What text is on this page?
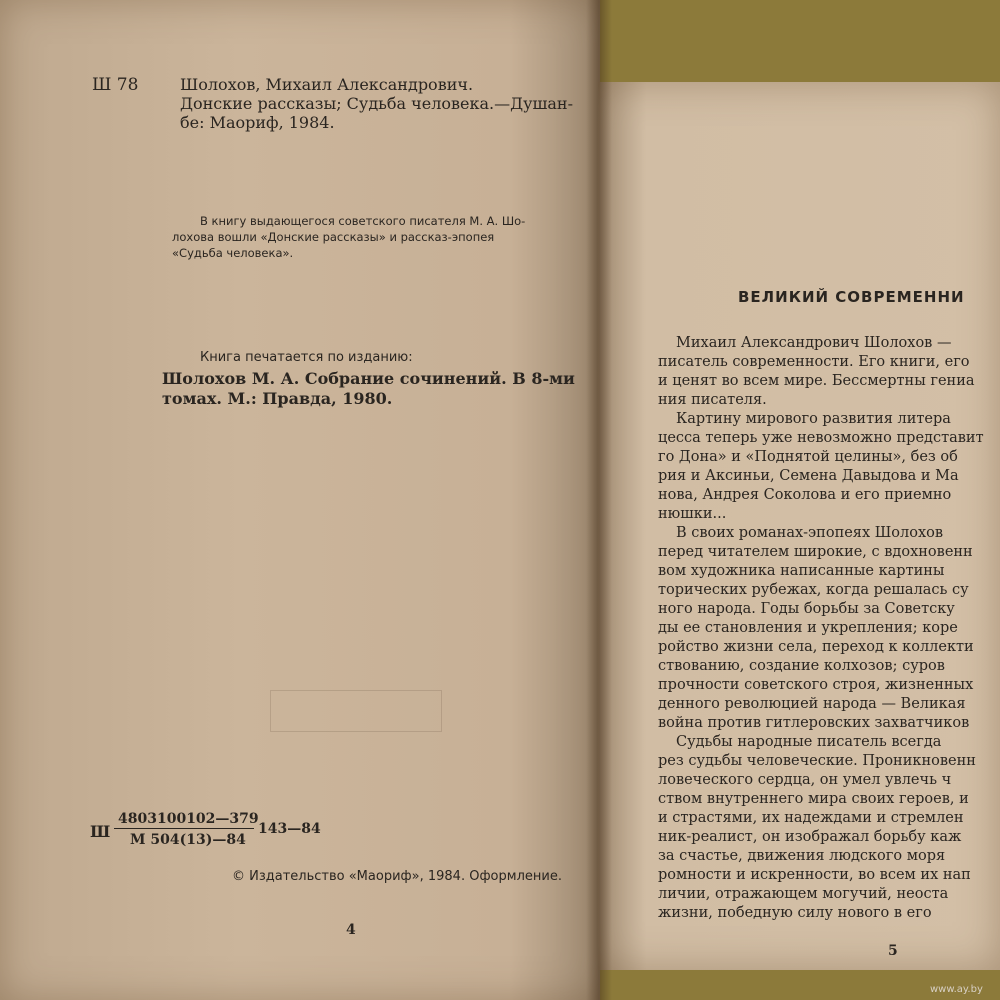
Ш 78	Шолохов, Михаил Александрович.
Донские рассказы; Судьба человека.—Душан-
бе: Маориф, 1984.
В книгу выдающегося советского писателя М. А. Шо-
лохова вошли «Донские рассказы» и рассказ-эпопея
«Судьба человека».
Книга печатается по изданию:
Шолохов М. А. Собрание сочинений. В 8-ми
томах. М.: Правда, 1980.
Ш
4803100102—379
М 504(13)—84
143—84
© Издательство «Маориф», 1984. Оформление.
4
ВЕЛИКИЙ СОВРЕМЕННИ
Михаил Александрович Шолохов —
писатель современности. Его книги, его
и ценят во всем мире. Бессмертны гениа
ния писателя.
Картину мирового развития литера
цесса теперь уже невозможно представит
го Дона» и «Поднятой целины», без об
рия и Аксиньи, Семена Давыдова и Ма
нова, Андрея Соколова и его приемно
нюшки...
В своих романах-эпопеях Шолохов
перед читателем широкие, с вдохновенн
вом художника написанные картины
торических рубежах, когда решалась су
ного народа. Годы борьбы за Советску
ды ее становления и укрепления; коре
ройство жизни села, переход к коллекти
ствованию, создание колхозов; суров
прочности советского строя, жизненных
денного революцией народа — Великая
война против гитлеровских захватчиков
Судьбы народные писатель всегда
рез судьбы человеческие. Проникновенн
ловеческого сердца, он умел увлечь ч
ством внутреннего мира своих героев, и
и страстями, их надеждами и стремлен
ник-реалист, он изображал борьбу каж
за счастье, движения людского моря
ромности и искренности, во всем их нап
личии, отражающем могучий, неоста
жизни, победную силу нового в его
5
www.ay.by
